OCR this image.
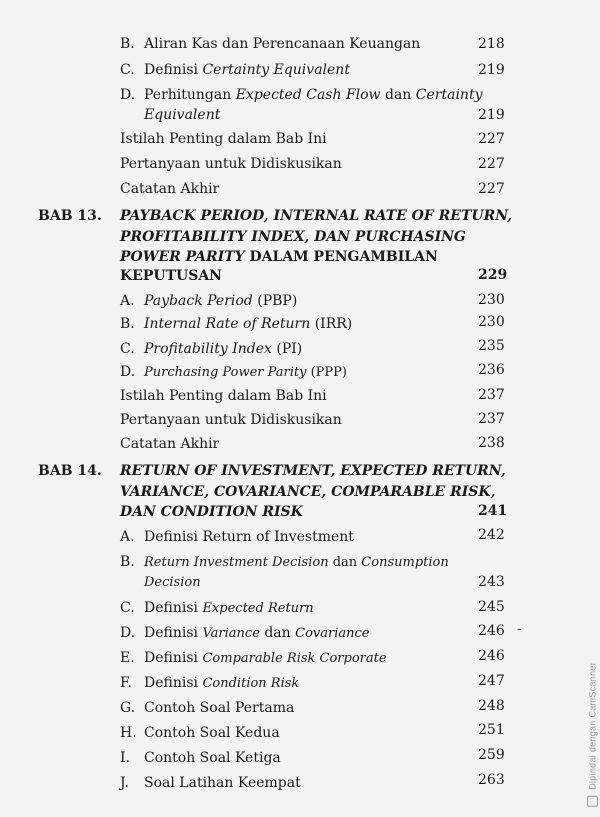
B. Aliran Kas dan Perencanaan Keuangan	218
C. Definisi Certainty Equivalent	219
D. Perhitungan Expected Cash Flow dan Certainty
Equivalent	219
Istilah Penting dalam Bab Ini	227
Pertanyaan untuk Didiskusikan	227
Catatan Akhir	227
BAB 13. PAYBACK PERIOD, INTERNAL RATE OF RETURN,
PROFITABILITY INDEX, DAN PURCHASING
POWER PARITY DALAM PENGAMBILAN
KEPUTUSAN	229
A. Payback Period (PBP)	230
B. Internal Rate of Return (IRR)	230
C. Profitability Index (PI)	235
D. Purchasing Power Parity (PPP)	236
Istilah Penting dalam Bab Ini	237
Pertanyaan untuk Didiskusikan	237
Catatan Akhir	238
BAB 14. RETURN OF INVESTMENT, EXPECTED RETURN,
VARIANCE, COVARIANCE, COMPARABLE RISK,
DAN CONDITION RISK	241
A. Definisi Return of Investment	242
B. Return Investment Decision dan Consumption
Decision	243
C. Definisi Expected Return	245
D. Definisi Variance dan Covariance	246 -
E. Definisi Comparable Risk Corporate	246
F. Definisi Condition Risk	247
G. Contoh Soal Pertama	248
H. Contoh Soal Kedua	251
I. Contoh Soal Ketiga	259
J. Soal Latihan Keempat	263	Dipindai dengan CamScanner
